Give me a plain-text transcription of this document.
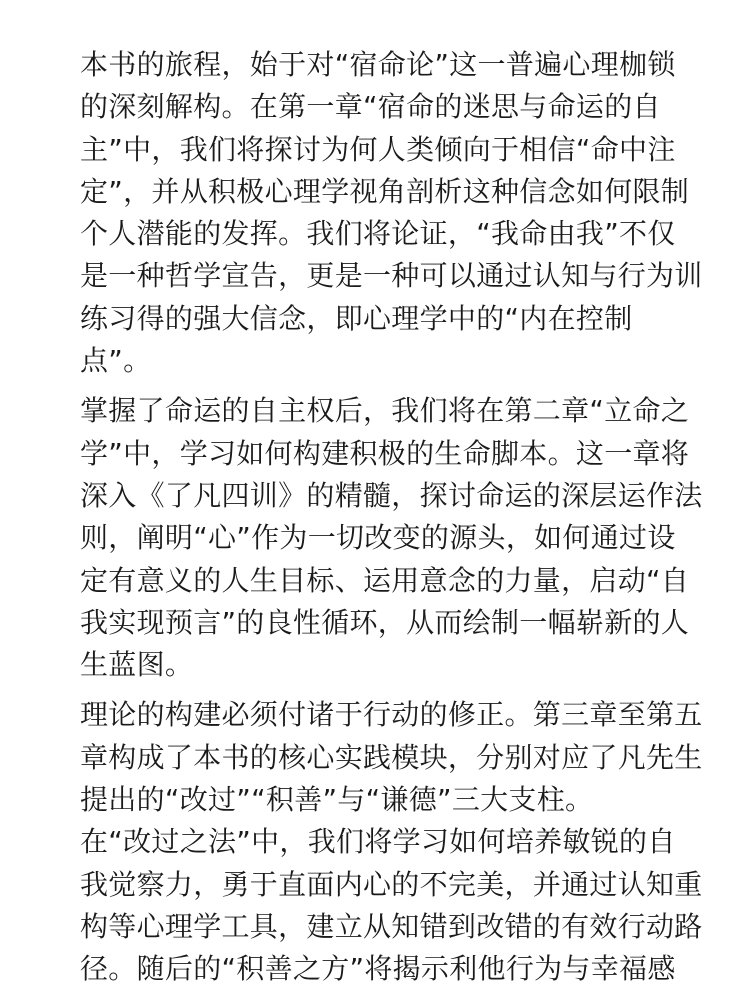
本书的旅程，始于对“宿命论”这一普遍心理枷锁
的深刻解构。在第一章“宿命的迷思与命运的自
主”中，我们将探讨为何人类倾向于相信“命中注
定”，并从积极心理学视角剖析这种信念如何限制
个人潜能的发挥。我们将论证，“我命由我”不仅
是一种哲学宣告，更是一种可以通过认知与行为训
练习得的强大信念，即心理学中的“内在控制
点”。
掌握了命运的自主权后，我们将在第二章“立命之
学”中，学习如何构建积极的生命脚本。这一章将
深入《了凡四训》的精髓，探讨命运的深层运作法
则，阐明“心”作为一切改变的源头，如何通过设
定有意义的人生目标、运用意念的力量，启动“自
我实现预言”的良性循环，从而绘制一幅崭新的人
生蓝图。
理论的构建必须付诸于行动的修正。第三章至第五
章构成了本书的核心实践模块，分别对应了凡先生
提出的“改过”“积善”与“谦德”三大支柱。
在“改过之法”中，我们将学习如何培养敏锐的自
我觉察力，勇于直面内心的不完美，并通过认知重
构等心理学工具，建立从知错到改错的有效行动路
径。随后的“积善之方”将揭示利他行为与幸福感
